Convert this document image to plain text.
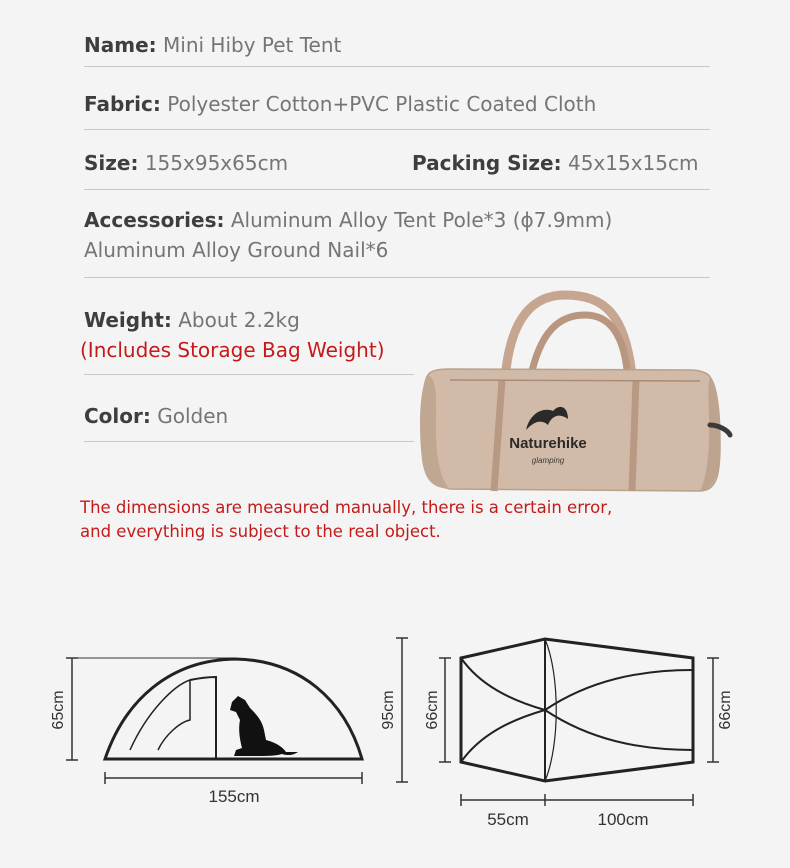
Name: Mini Hiby Pet Tent
Fabric: Polyester Cotton+PVC Plastic Coated Cloth
Size: 155x95x65cm	Packing Size: 45x15x15cm
Accessories: Aluminum Alloy Tent Pole*3 (ɸ7.9mm)
Aluminum Alloy Ground Nail*6
Weight: About 2.2kg
(Includes Storage Bag Weight)
Color: Golden
Naturehike
glamping
The dimensions are measured manually, there is a certain error,
and everything is subject to the real object.
65cm
155cm
95cm 66cm	66cm
55cm	100cm
